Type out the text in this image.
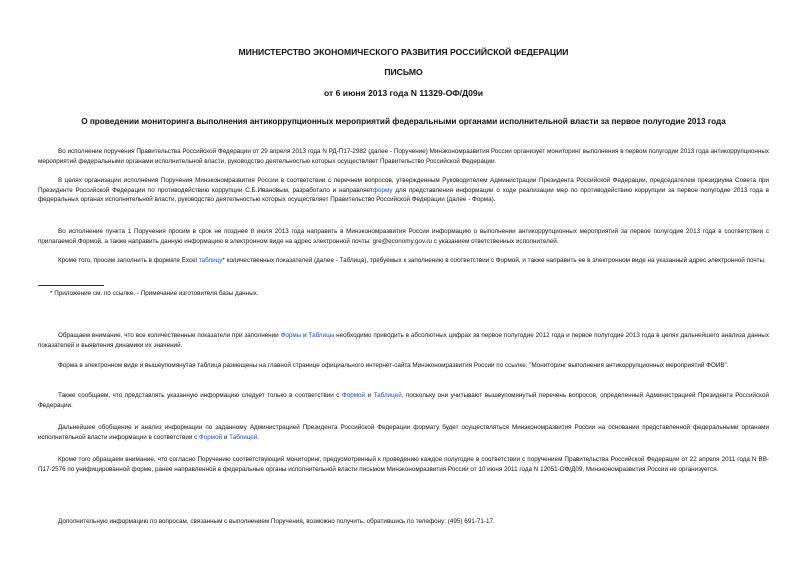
МИНИСТЕРСТВО ЭКОНОМИЧЕСКОГО РАЗВИТИЯ РОССИЙСКОЙ ФЕДЕРАЦИИ
ПИСЬМО
от 6 июня 2013 года N 11329-ОФ/Д09и
О проведении мониторинга выполнения антикоррупционных мероприятий федеральными органами исполнительной власти за первое полугодие 2013 года

Во исполнение поручения Правительства Российской Федерации от 29 апреля 2013 года N РД-П17-2982 (далее - Поручение) Минэкономразвития России организует мониторинг выполнения в первом полугодии 2013 года антикоррупционных мероприятий федеральными органами исполнительной власти, руководство деятельностью которых осуществляет Правительство Российской Федерации.

В целях организации исполнения Поручения Минэкономразвития России в соответствии с перечнем вопросов, утвержденным Руководителем Администрации Президента Российской Федерации, председателем президиума Совета при Президенте Российской Федерации по противодействию коррупции С.Б.Ивановым, разработало и направляетформу для представления информации о ходе реализации мер по противодействию коррупции за первое полугодие 2013 года в федеральных органах исполнительной власти, руководство деятельностью которых осуществляет Правительство Российской Федерации (далее - Форма).

Во исполнение пункта 1 Поручения просим в срок не позднее 8 июля 2013 года направить в Минэкономразвития России информацию о выполнении антикоррупционных мероприятий за первое полугодие 2013 года в соответствии с прилагаемой Формой, а также направить данную информацию в электронном виде на адрес электронной почты: gre@economy.gov.ru с указанием ответственных исполнителей.

Кроме того, просим заполнить в формате Excel таблицу* количественных показателей (далее - Таблица), требуемых к заполнению в соответствии с Формой, и также направить ее в электронном виде на указанный адрес электронной почты.

* Приложение см. по ссылке. - Примечание изготовителя базы данных.

Обращаем внимание, что все количественные показатели при заполнении Формы и Таблицы необходимо приводить в абсолютных цифрах за первое полугодие 2012 года и первое полугодие 2013 года в целях дальнейшего анализа данных показателей и выявления динамики их значений.

Форма в электронном виде и вышеупомянутая таблица размещены на главной странице официального интернет-сайта Минэкономразвития России по ссылке: "Мониторинг выполнения антикоррупционных мероприятий ФОИВ".

Также сообщаем, что представлять указанную информацию следует только в соответствии с Формой и Таблицей, поскольку они учитывают вышеупомянутый перечень вопросов, определенный Администрацией Президента Российской Федерации.

Дальнейшее обобщение и анализ информации по заданному Администрацией Президента Российской Федерации формату будет осуществляться Минэкономразвития России на основании представленной федеральными органами исполнительной власти информации в соответствии с Формой и Таблицей.

Кроме того обращаем внимание, что согласно Поручению соответствующий мониторинг, предусмотренный к проведению каждое полугодие в соответствии с поручением Правительства Российской Федерации от 22 апреля 2011 года N ВВ-П17-2576 по унифицированной форме, ранее направленной в федеральные органы исполнительной власти письмом Минэкономразвития России от 10 июня 2011 года N 12051-ОФ/Д09, Минэкономразвития России не организуется.

Дополнительную информацию по вопросам, связанным с выполнением Поручения, возможно получить, обратившись по телефону: (495) 691-71-17.
